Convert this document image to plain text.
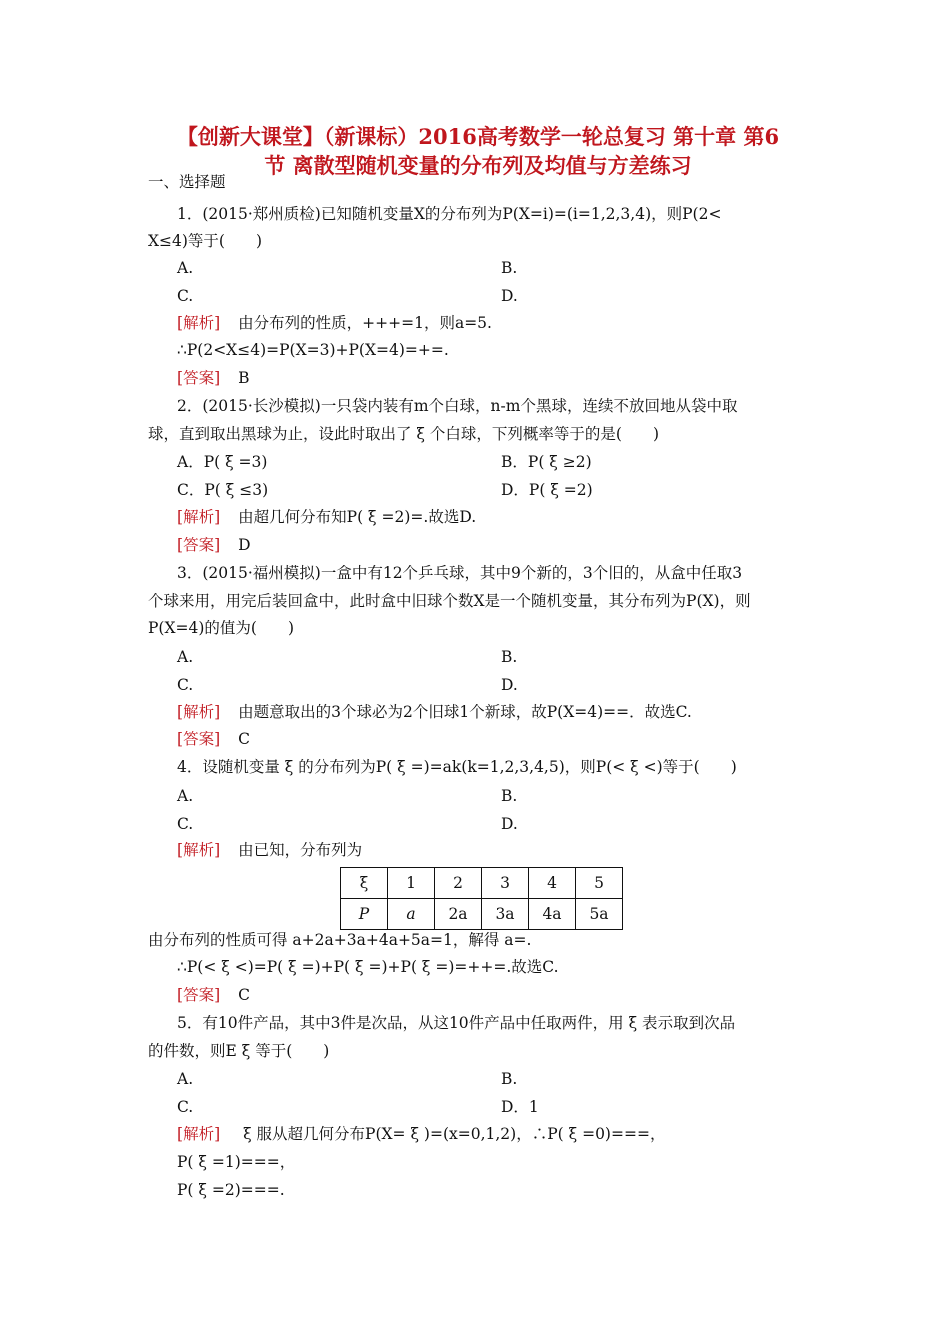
【创新大课堂】（新课标）2016高考数学一轮总复习 第十章 第6
节 离散型随机变量的分布列及均值与方差练习
一、选择题
1．(2015·郑州质检)已知随机变量X的分布列为P(X=i)=(i=1,2,3,4)，则P(2<
X≤4)等于(　　)
A.	B.
C.	D.
[ 解析 ] 由分布列的性质，+++=1，则a=5.
∴P(2<X≤4)=P(X=3)+P(X=4)=+=.
[ 答案 ] B
2．(2015·长沙模拟)一只袋内装有m个白球，n-m个黑球，连续不放回地从袋中取
球，直到取出黑球为止，设此时取出了 ξ 个白球，下列概率等于的是(　　)
A．P( ξ =3)	B．P( ξ ≥2)
C．P( ξ ≤3)	D．P( ξ =2)
[ 解析 ] 由超几何分布知P( ξ =2)=.故选D.
[ 答案 ] D
3．(2015·福州模拟)一盒中有12个乒乓球，其中9个新的，3个旧的，从盒中任取3
个球来用，用完后装回盒中，此时盒中旧球个数X是一个随机变量，其分布列为P(X)，则
P(X=4)的值为(　　)
A.	B.
C.	D.
[ 解析 ] 由题意取出的3个球必为2个旧球1个新球，故P(X=4)==．故选C.
[ 答案 ] C
4．设随机变量 ξ 的分布列为P( ξ =)=ak(k=1,2,3,4,5)，则P(< ξ <)等于(　　)
A.	B.
C.	D.
[ 解析 ] 由已知，分布列为
ξ	1	2	3	4	5
P	a	2a	3a	4a	5a
由分布列的性质可得 a+2a+3a+4a+5a=1，解得 a=.
∴P(< ξ <)=P( ξ =)+P( ξ =)+P( ξ =)=++=.故选C.
[ 答案 ] C
5．有10件产品，其中3件是次品，从这10件产品中任取两件，用 ξ 表示取到次品
的件数，则E ξ 等于(　　)
A.	B.
C.	D．1
[ 解析 ] ξ 服从超几何分布P(X= ξ )=(x=0,1,2)，∴P( ξ =0)===，
P( ξ =1)===，
P( ξ =2)===.
